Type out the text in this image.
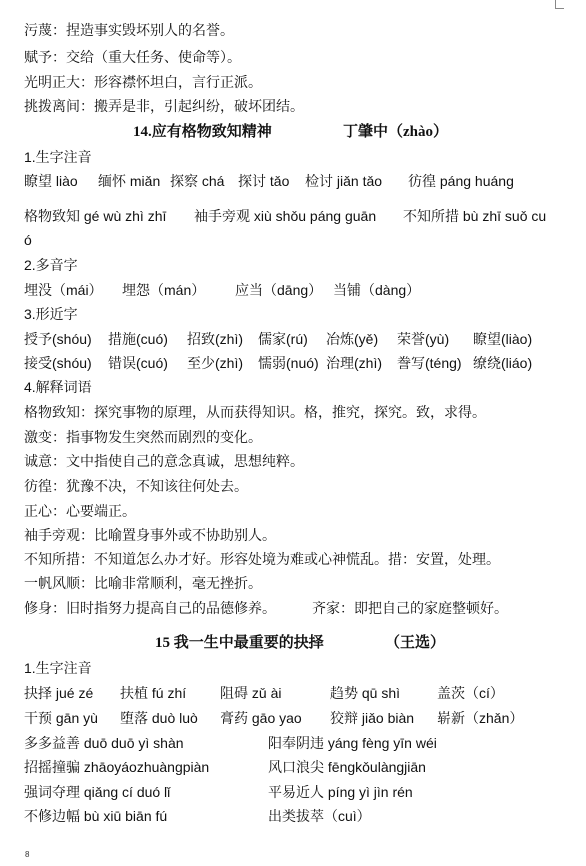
污蔑：捏造事实毁坏别人的名誉。
赋予：交给（重大任务、使命等）。
光明正大：形容襟怀坦白，言行正派。
挑拨离间：搬弄是非，引起纠纷，破坏团结。
14.应有格物致知精神	丁肇中（zhào）
1.生字注音
瞭望 liào 缅怀 miǎn 探察 chá 探讨 tǎo 检讨 jiǎn tǎo 彷徨 páng huáng
格物致知 gé wù zhì zhī 袖手旁观 xiù shǒu páng guān 不知所措 bù zhī suǒ cu
ó
2.多音字
埋没（mái） 埋怨（mán） 应当（dāng） 当铺（dàng）
3.形近字
授予(shóu) 措施(cuó) 招致(zhì) 儒家(rú) 冶炼(yě) 荣誉(yù) 瞭望(liào)
接受(shóu) 错误(cuó) 至少(zhì) 懦弱(nuó) 治理(zhì) 誊写(téng) 缭绕(liáo)
4.解释词语
格物致知：探究事物的原理，从而获得知识。格，推究，探究。致，求得。
激变：指事物发生突然而剧烈的变化。
诚意：文中指使自己的意念真诚，思想纯粹。
彷徨：犹豫不决，不知该往何处去。
正心：心要端正。
袖手旁观：比喻置身事外或不协助别人。
不知所措：不知道怎么办才好。形容处境为难或心神慌乱。措：安置，处理。
一帆风顺：比喻非常顺利，毫无挫折。
修身：旧时指努力提高自己的品德修养。	齐家：即把自己的家庭整顿好。
15 我一生中最重要的抉择	（王选）
1.生字注音
抉择 jué zé 扶植 fú zhí 阻碍 zǔ ài	趋势 qū shì	盖茨（cí）
干预 gān yù 堕落 duò luò 膏药 gāo yao 狡辩 jiǎo biàn 崭新（zhǎn）
多多益善 duō duō yì shàn	阳奉阴违 yáng fèng yīn wéi
招摇撞骗 zhāoyáozhuàngpiàn	风口浪尖 fēngkǒulàngjiān
强词夺理 qiǎng cí duó lǐ	平易近人 píng yì jìn rén
不修边幅 bù xiū biān fú	出类拔萃（cuì）
8
